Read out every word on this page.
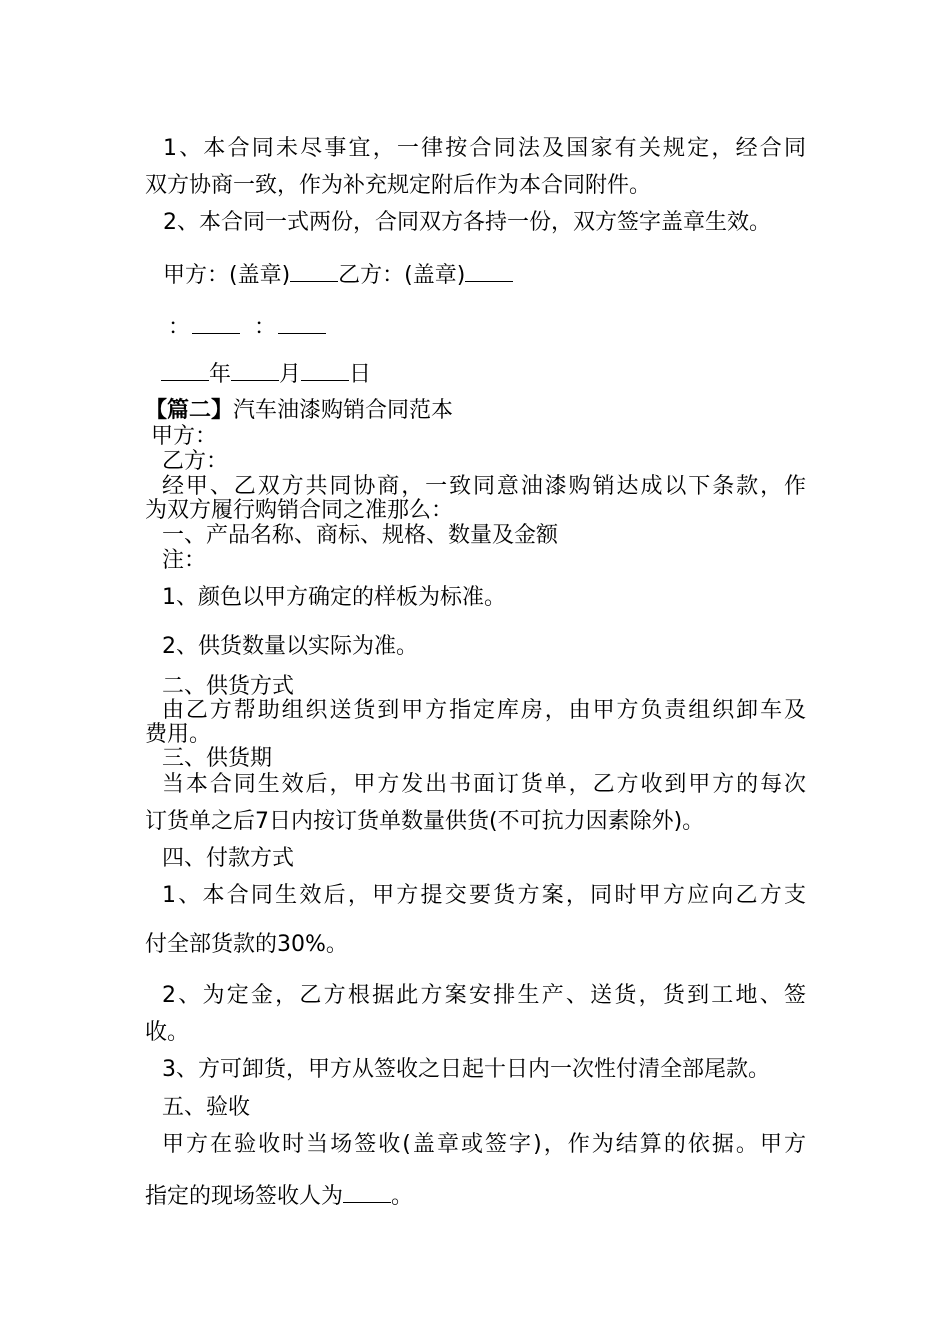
1、本合同未尽事宜，一律按合同法及国家有关规定，经合同
双方协商一致，作为补充规定附后作为本合同附件。
2、本合同一式两份，合同双方各持一份，双方签字盖章生效。
甲方：(盖章) 乙方：(盖章)
：	：
年 月 日
【篇二】汽车油漆购销合同范本
甲方：
乙方：
经甲、乙双方共同协商，一致同意油漆购销达成以下条款，作
为双方履行购销合同之准那么：
一、产品名称、商标、规格、数量及金额
注：
1、颜色以甲方确定的样板为标准。
2、供货数量以实际为准。
二、供货方式
由乙方帮助组织送货到甲方指定库房，由甲方负责组织卸车及
费用。
三、供货期
当本合同生效后，甲方发出书面订货单，乙方收到甲方的每次
订货单之后7日内按订货单数量供货(不可抗力因素除外)。
四、付款方式
1、本合同生效后，甲方提交要货方案，同时甲方应向乙方支
付全部货款的30%。
2、为定金，乙方根据此方案安排生产、送货，货到工地、签
收。
3、方可卸货，甲方从签收之日起十日内一次性付清全部尾款。
五、验收
甲方在验收时当场签收(盖章或签字)，作为结算的依据。甲方
指定的现场签收人为 。
